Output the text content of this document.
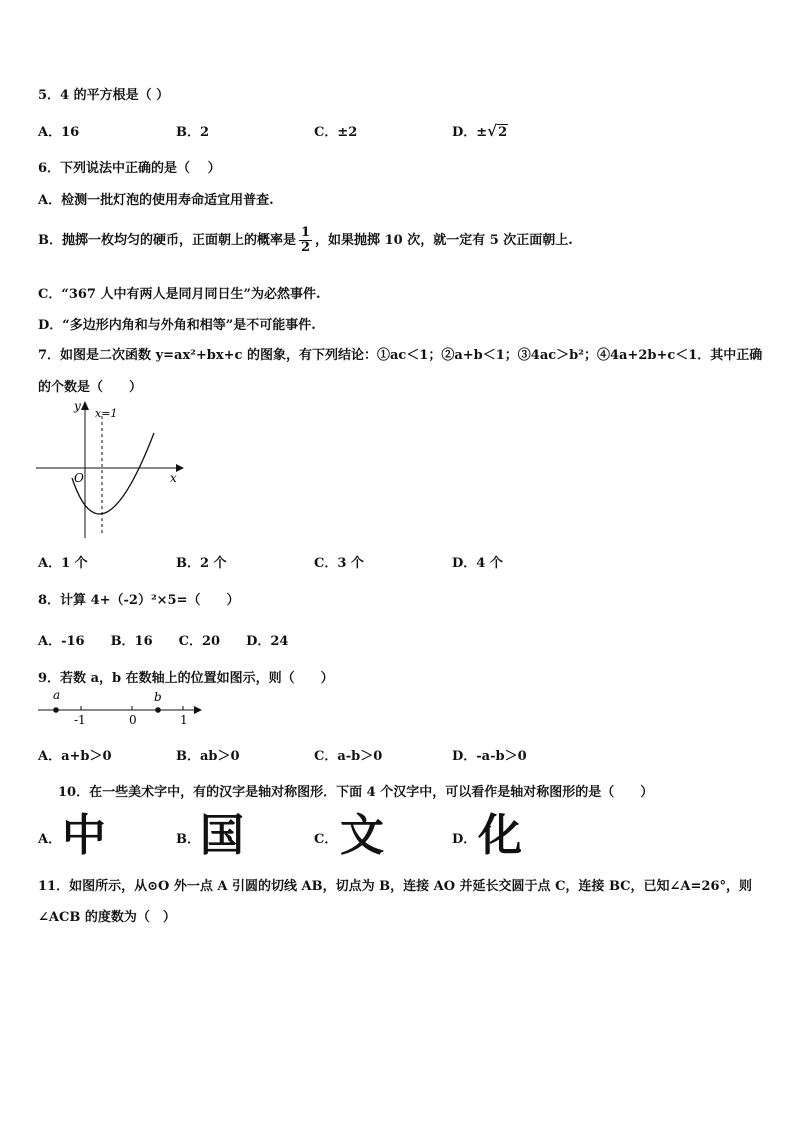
5．4 的平方根是（ ）
A．16	B．2	C．±2	D．± √ 2
6．下列说法中正确的是（　 ）
A．检测一批灯泡的使用寿命适宜用普查.
B．抛掷一枚均匀的硬币，正面朝上的概率是 $\frac{1}{2}$ ，如果抛掷 10 次，就一定有 5 次正面朝上.
C．“367 人中有两人是同月同日生”为必然事件.
D．“多边形内角和与外角和相等”是不可能事件.
7．如图是二次函数 y=ax²+bx+c 的图象，有下列结论：①ac＜1；②a+b＜1；③4ac＞b²；④4a+2b+c＜1．其中正确
的个数是（　　）
y
x=1
O	x
A．1 个	B．2 个	C．3 个	D．4 个
8．计算 4+（-2）²×5=（　　）
A．-16　　B．16　　C．20　　D．24
9．若数 a，b 在数轴上的位置如图示，则（　　）
a	b
-1	0	1
A．a+b＞0	B．ab＞0	C．a-b＞0	D．-a-b＞0
10．在一些美术字中，有的汉字是轴对称图形．下面 4 个汉字中，可以看作是轴对称图形的是（　　）
A． 中	B． 国	C． 文	D． 化
11．如图所示，从⊙O 外一点 A 引圆的切线 AB，切点为 B，连接 AO 并延长交圆于点 C，连接 BC，已知∠A=26°，则
∠ACB 的度数为（　）
